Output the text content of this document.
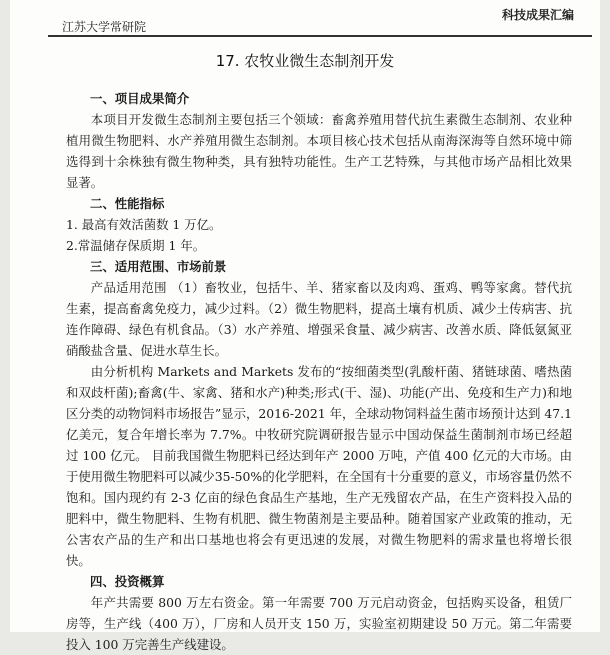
江苏大学常研院
科技成果汇编
17. 农牧业微生态制剂开发
一、项目成果简介

本项目开发微生态制剂主要包括三个领域：畜禽养殖用替代抗生素微生态制剂、农业种植用微生物肥料、水产养殖用微生态制剂。本项目核心技术包括从南海深海等自然环境中筛选得到十余株独有微生物种类，具有独特功能性。生产工艺特殊，与其他市场产品相比效果显著。

二、性能指标

1. 最高有效活菌数 1 万亿。

2.常温储存保质期 1 年。

三、适用范围、市场前景

产品适用范围 （1）畜牧业，包括牛、羊、猪家畜以及肉鸡、蛋鸡、鸭等家禽。替代抗生素，提高畜禽免疫力，减少过料。（2）微生物肥料，提高土壤有机质、减少土传病害、抗连作障碍、绿色有机食品。（3）水产养殖、增强采食量、减少病害、改善水质、降低氨氮亚硝酸盐含量、促进水草生长。

由分析机构 Markets and Markets 发布的“按细菌类型(乳酸杆菌、猪链球菌、嗜热菌和双歧杆菌);畜禽(牛、家禽、猪和水产)种类;形式(干、湿)、功能(产出、免疫和生产力)和地区分类的动物饲料市场报告”显示，2016-2021 年，全球动物饲料益生菌市场预计达到 47.1 亿美元，复合年增长率为 7.7%。中牧研究院调研报告显示中国动保益生菌制剂市场已经超过 100 亿元。 目前我国微生物肥料已经达到年产 2000 万吨，产值 400 亿元的大市场。由于使用微生物肥料可以减少35-50%的化学肥料，在全国有十分重要的意义，市场容量仍然不饱和。国内现约有 2-3 亿亩的绿色食品生产基地，生产无残留农产品，在生产资料投入品的肥料中，微生物肥料、生物有机肥、微生物菌剂是主要品种。随着国家产业政策的推动，无公害农产品的生产和出口基地也将会有更迅速的发展，对微生物肥料的需求量也将增长很快。

四、投资概算

年产共需要 800 万左右资金。第一年需要 700 万元启动资金，包括购买设备，租赁厂房等，生产线（400 万），厂房和人员开支 150 万，实验室初期建设 50 万元。第二年需要投入 100 万完善生产线建设。
